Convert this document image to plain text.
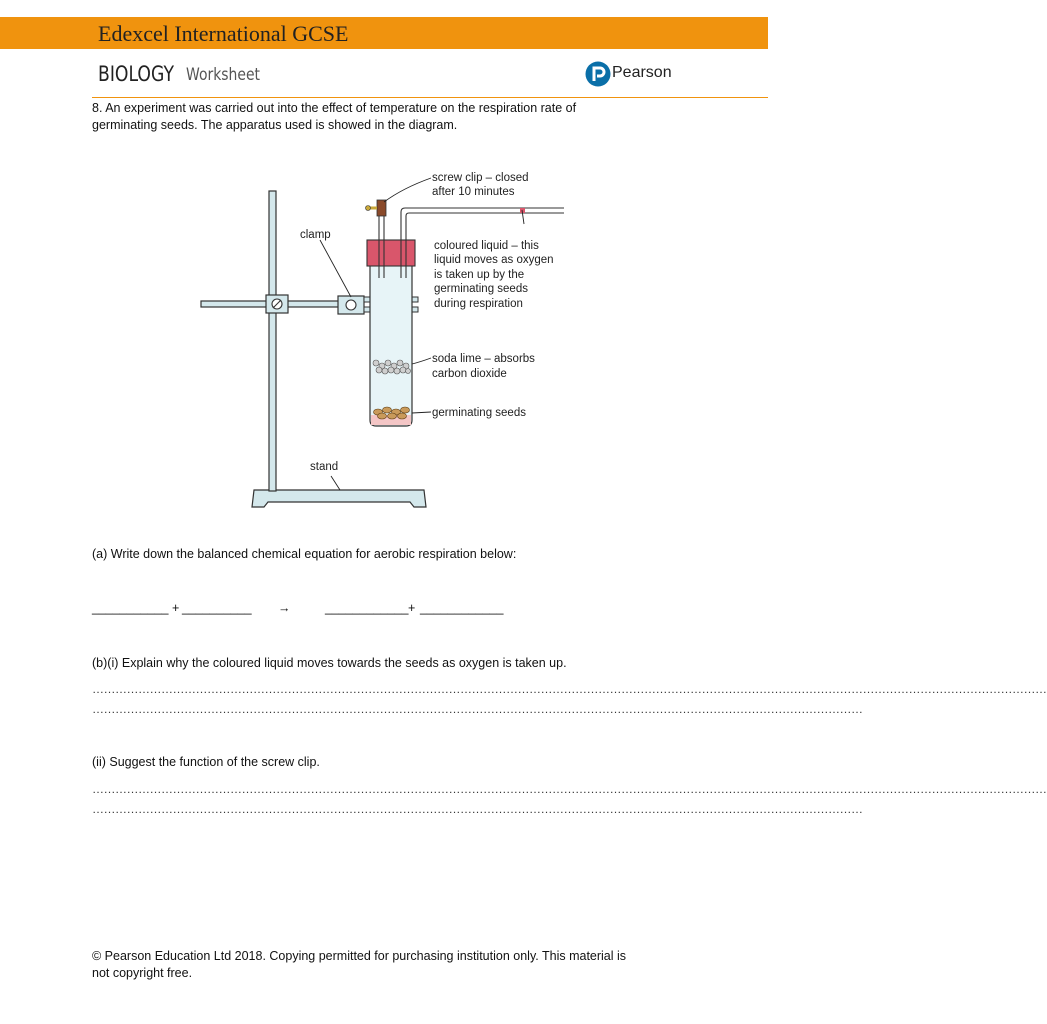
Edexcel International GCSE
BIOLOGY Worksheet	Pearson
8. An experiment was carried out into the effect of temperature on the respiration rate of
germinating seeds. The apparatus used is showed in the diagram.
screw clip – closed
after 10 minutes
clamp
coloured liquid – this
liquid moves as oxygen
is taken up by the
germinating seeds
during respiration
soda lime – absorbs
carbon dioxide
germinating seeds
stand
(a) Write down the balanced chemical equation for aerobic respiration below:
___________ + __________ →	____________ + ____________
(b)(i) Explain why the coloured liquid moves towards the seeds as oxygen is taken up.
……………………………………………………………………………………………………………………………………………………………………………………………………………………………
…………………………………………………………………………………………………………………………………………………………………………………
(ii) Suggest the function of the screw clip.
……………………………………………………………………………………………………………………………………………………………………………………………………………………………
…………………………………………………………………………………………………………………………………………………………………………………
© Pearson Education Ltd 2018. Copying permitted for purchasing institution only. This material is
not copyright free.
